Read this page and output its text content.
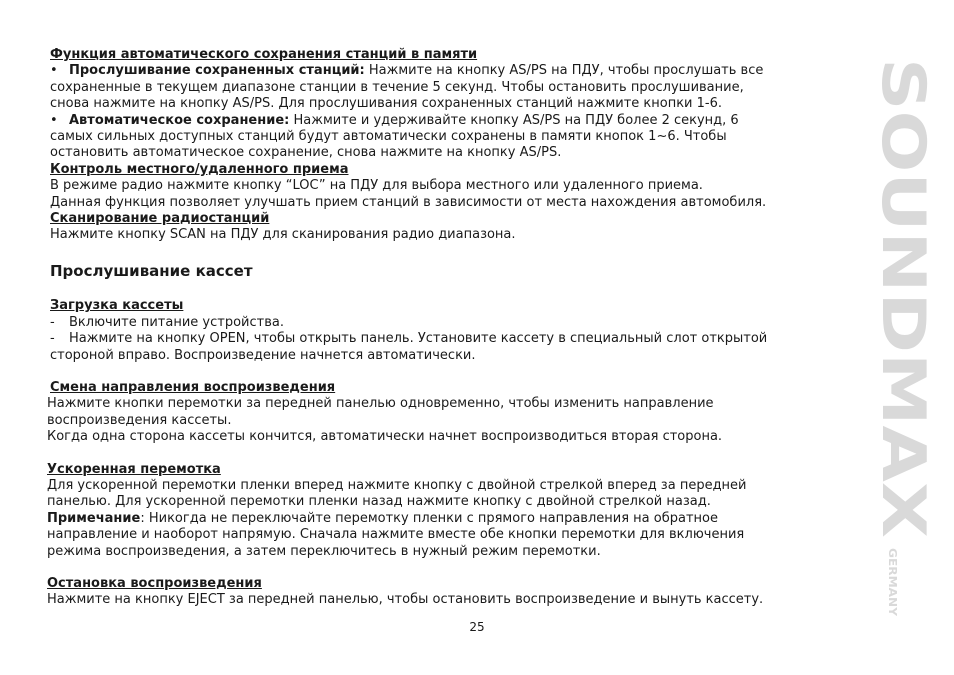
Функция автоматического сохранения станций в памяти
• Прослушивание сохраненных станций: Нажмите на кнопку AS/PS на ПДУ, чтобы прослушать все
сохраненные в текущем диапазоне станции в течение 5 секунд. Чтобы остановить прослушивание,
снова нажмите на кнопку AS/PS. Для прослушивания сохраненных станций нажмите кнопки 1-6.
• Автоматическое сохранение: Нажмите и удерживайте кнопку AS/PS на ПДУ более 2 секунд, 6
самых сильных доступных станций будут автоматически сохранены в памяти кнопок 1~6. Чтобы
остановить автоматическое сохранение, снова нажмите на кнопку AS/PS.
Контроль местного/удаленного приема
В режиме радио нажмите кнопку “LOC” на ПДУ для выбора местного или удаленного приема.
Данная функция позволяет улучшать прием станций в зависимости от места нахождения автомобиля.
Сканирование радиостанций
Нажмите кнопку SCAN на ПДУ для сканирования радио диапазона.
Прослушивание кассет
Загрузка кассеты
- Включите питание устройства.
- Нажмите на кнопку OPEN, чтобы открыть панель. Установите кассету в специальный слот открытой
стороной вправо. Воспроизведение начнется автоматически.
Смена направления воспроизведения
Нажмите кнопки перемотки за передней панелью одновременно, чтобы изменить направление
воспроизведения кассеты.
Когда одна сторона кассеты кончится, автоматически начнет воспроизводиться вторая сторона.
Ускоренная перемотка
Для ускоренной перемотки пленки вперед нажмите кнопку с двойной стрелкой вперед за передней
панелью. Для ускоренной перемотки пленки назад нажмите кнопку с двойной стрелкой назад.
Примечание: Никогда не переключайте перемотку пленки с прямого направления на обратное
направление и наоборот напрямую. Сначала нажмите вместе обе кнопки перемотки для включения
режима воспроизведения, а затем переключитесь в нужный режим перемотки.
Остановка воспроизведения
Нажмите на кнопку EJECT за передней панелью, чтобы остановить воспроизведение и вынуть кассету.
25
SOUNDMAX
GERMANY
